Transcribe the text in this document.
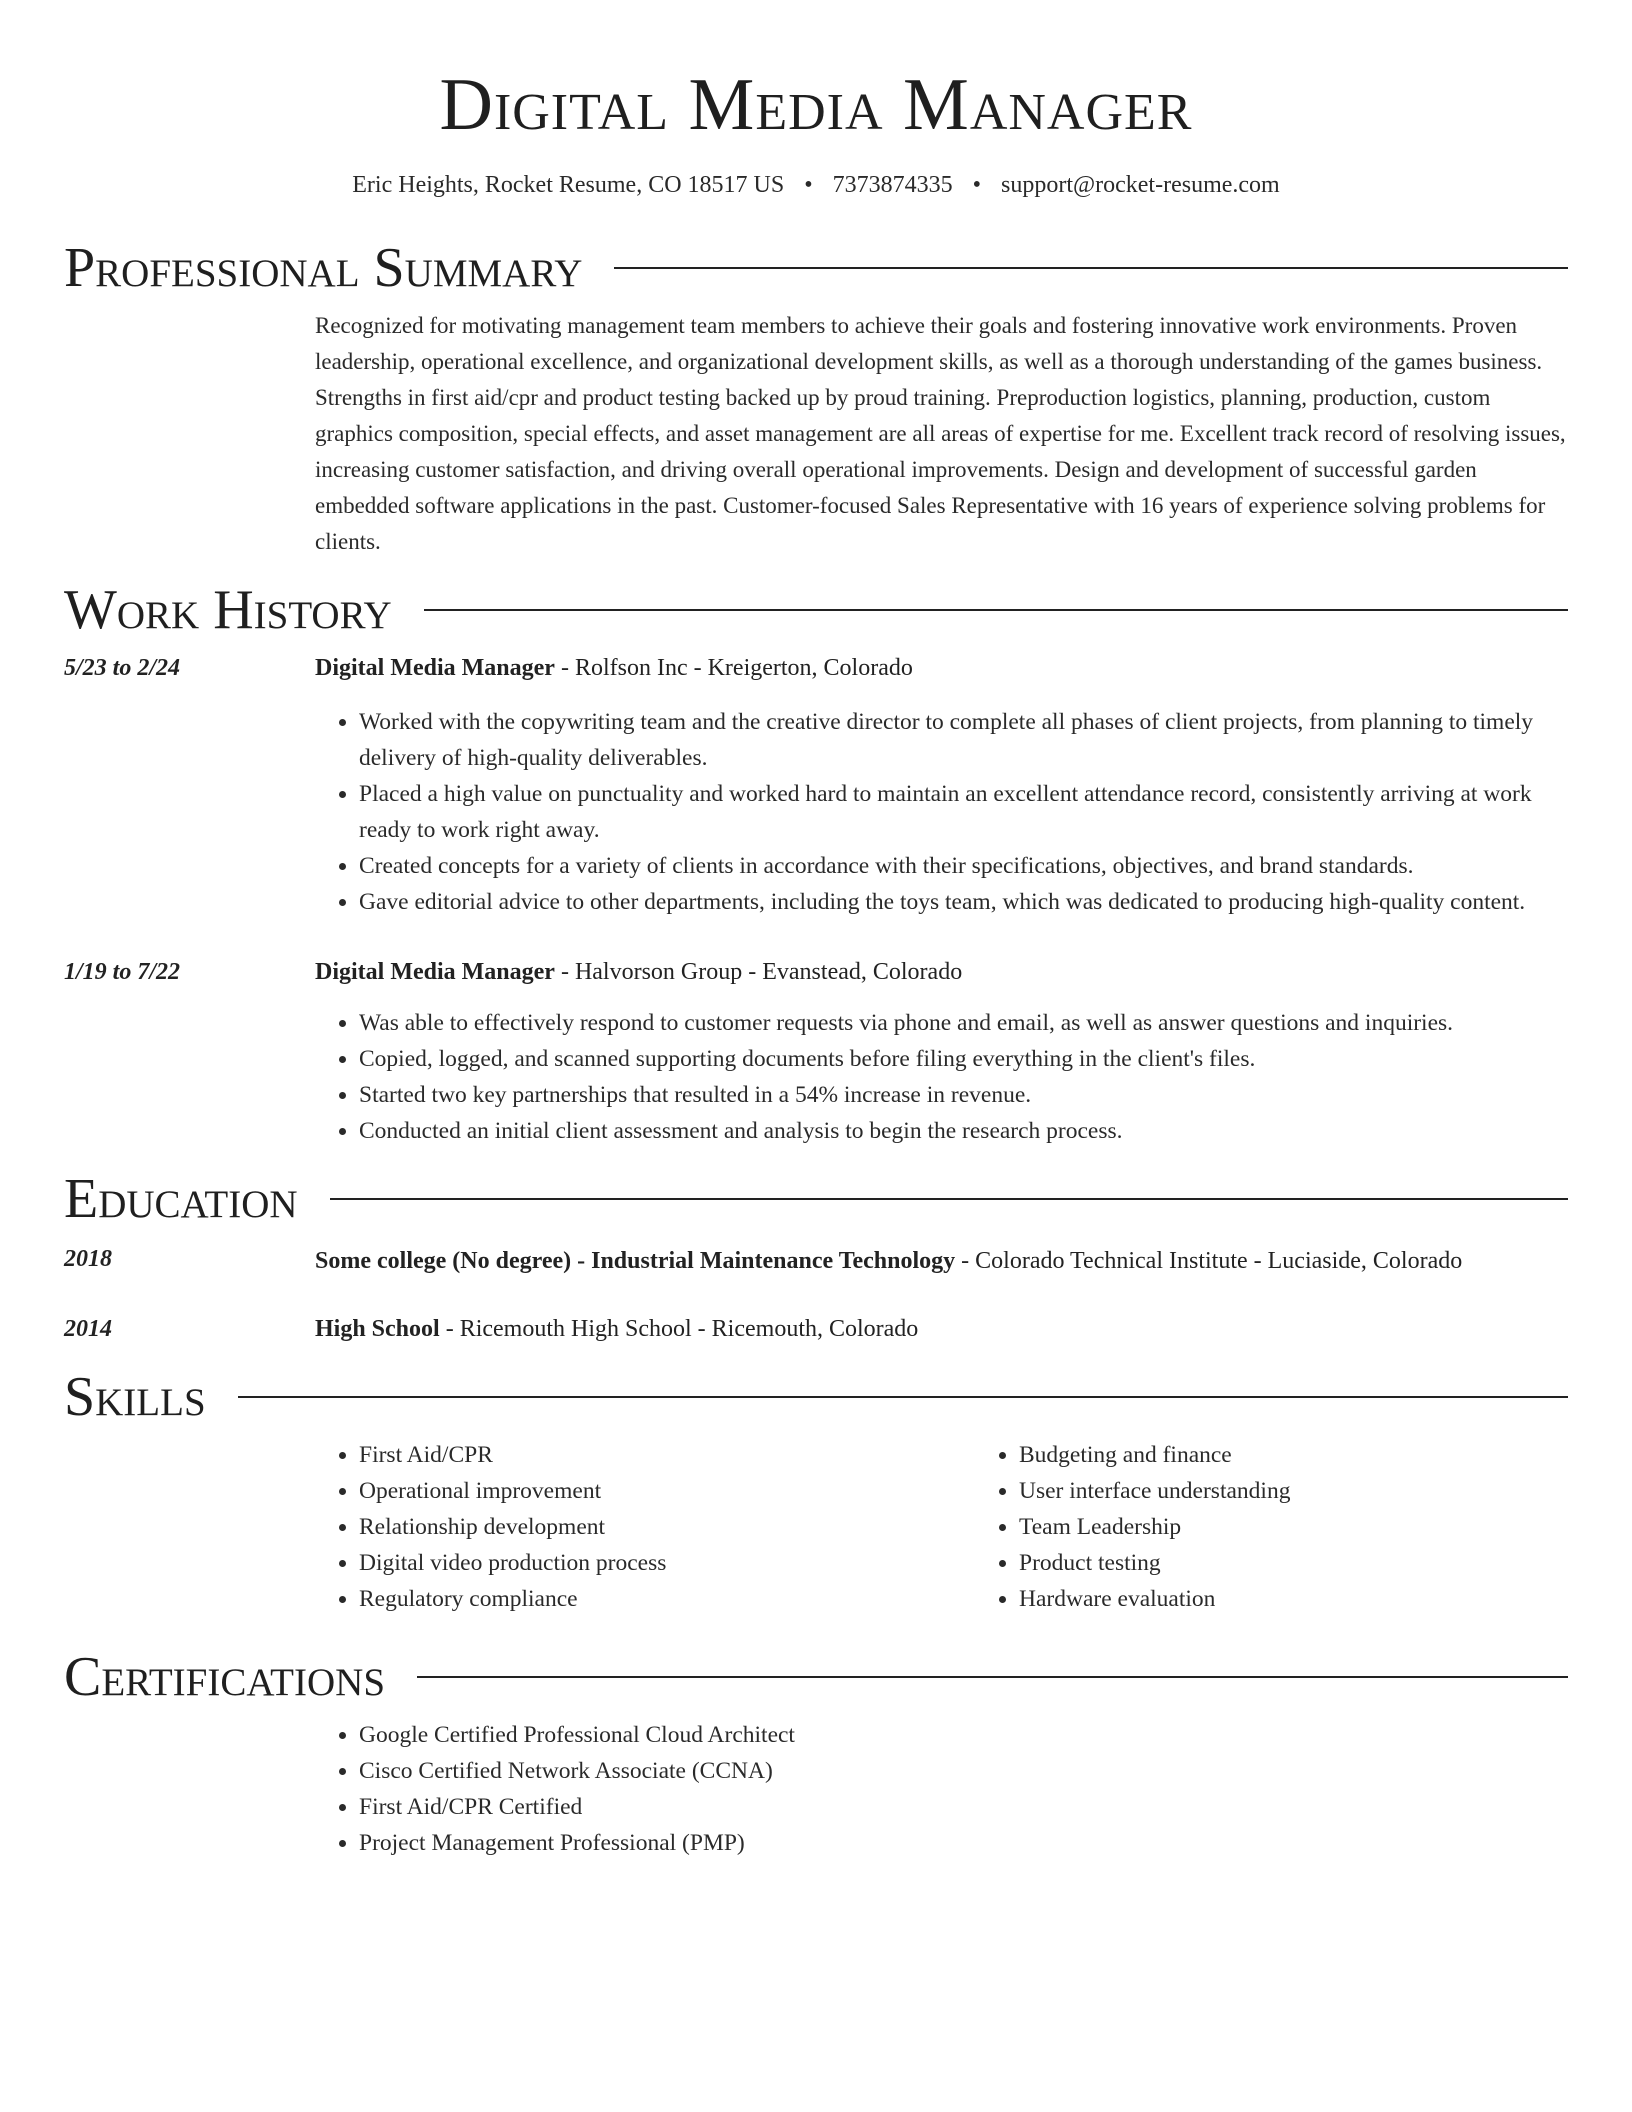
Digital Media Manager
Eric Heights, Rocket Resume, CO 18517 US • 7373874335 • support@rocket-resume.com
Professional Summary
Recognized for motivating management team members to achieve their goals and fostering innovative work environments. Proven leadership, operational excellence, and organizational development skills, as well as a thorough understanding of the games business. Strengths in first aid/cpr and product testing backed up by proud training. Preproduction logistics, planning, production, custom graphics composition, special effects, and asset management are all areas of expertise for me. Excellent track record of resolving issues, increasing customer satisfaction, and driving overall operational improvements. Design and development of successful garden embedded software applications in the past. Customer-focused Sales Representative with 16 years of experience solving problems for clients.
Work History
5/23 to 2/24	Digital Media Manager - Rolfson Inc - Kreigerton, Colorado
• Worked with the copywriting team and the creative director to complete all phases of client projects, from planning to timely delivery of high-quality deliverables.
• Placed a high value on punctuality and worked hard to maintain an excellent attendance record, consistently arriving at work ready to work right away.
• Created concepts for a variety of clients in accordance with their specifications, objectives, and brand standards.
• Gave editorial advice to other departments, including the toys team, which was dedicated to producing high-quality content.
1/19 to 7/22	Digital Media Manager - Halvorson Group - Evanstead, Colorado
• Was able to effectively respond to customer requests via phone and email, as well as answer questions and inquiries.
• Copied, logged, and scanned supporting documents before filing everything in the client's files.
• Started two key partnerships that resulted in a 54% increase in revenue.
• Conducted an initial client assessment and analysis to begin the research process.
Education
2018	Some college (No degree) - Industrial Maintenance Technology - Colorado Technical Institute - Luciaside, Colorado
2014	High School - Ricemouth High School - Ricemouth, Colorado
Skills
• First Aid/CPR
• Operational improvement
• Relationship development
• Digital video production process
• Regulatory compliance
• Budgeting and finance
• User interface understanding
• Team Leadership
• Product testing
• Hardware evaluation
Certifications
• Google Certified Professional Cloud Architect
• Cisco Certified Network Associate (CCNA)
• First Aid/CPR Certified
• Project Management Professional (PMP)
